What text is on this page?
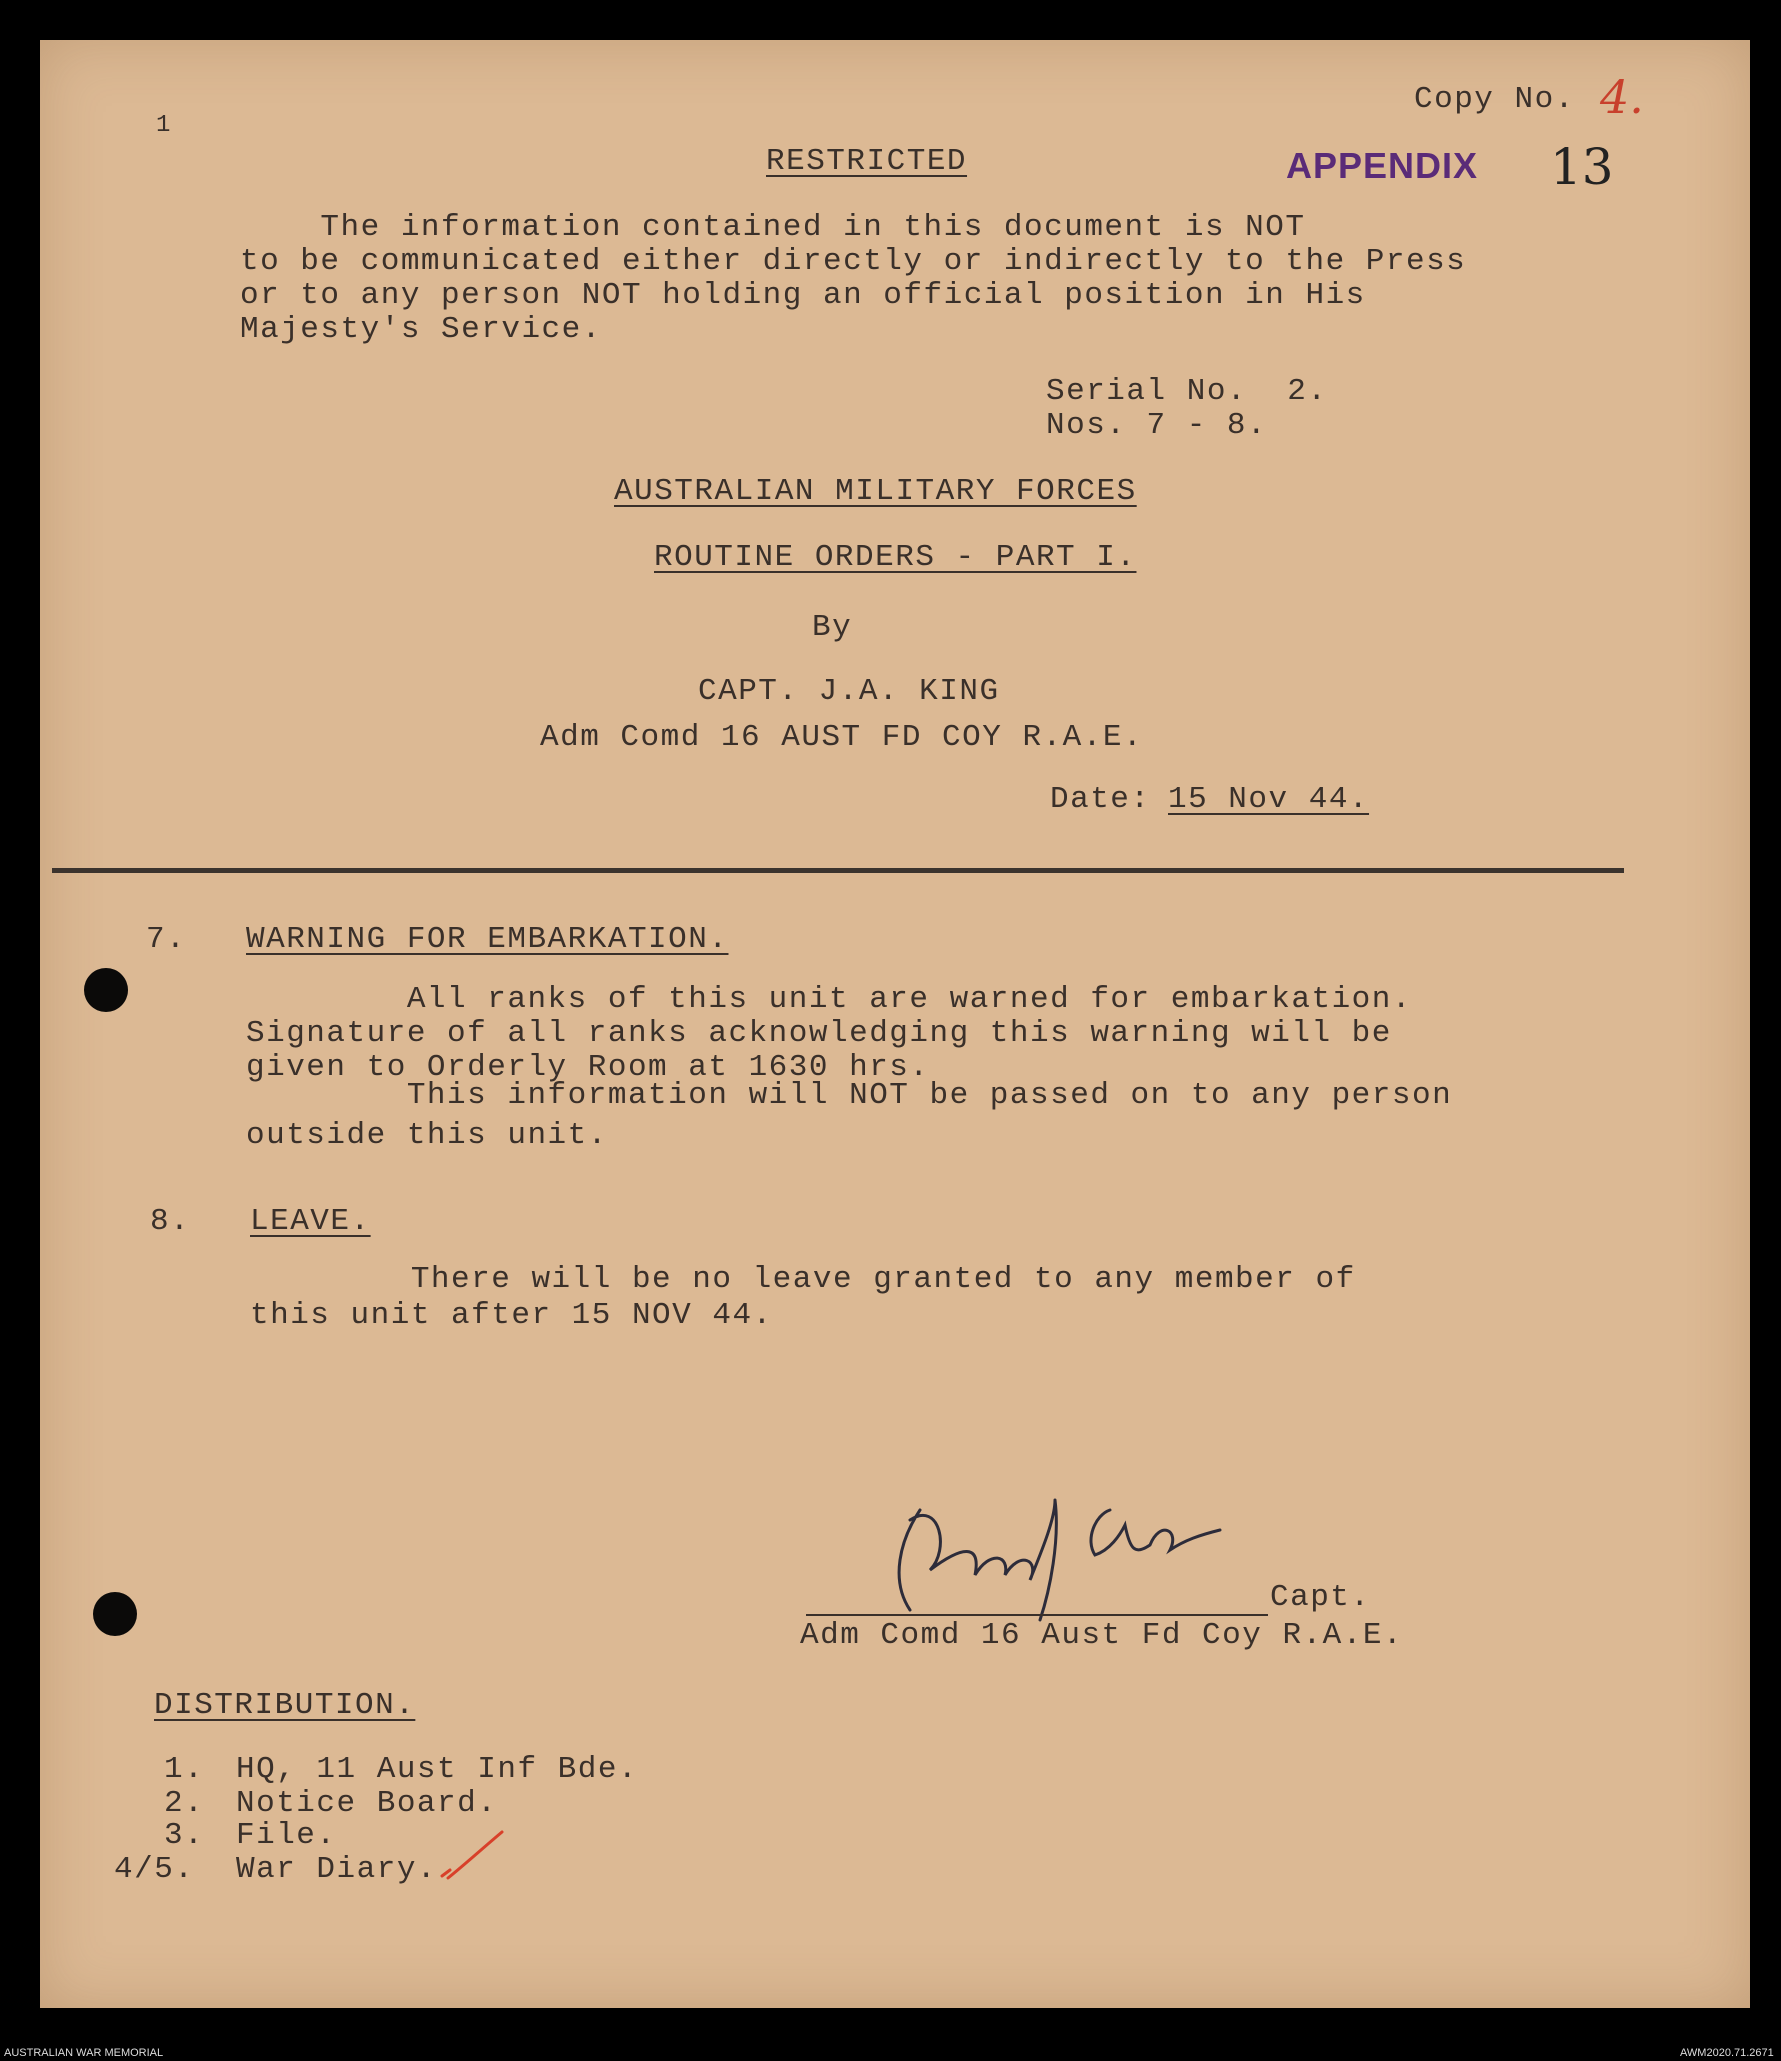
Copy No. 4.
1
RESTRICTED	APPENDIX 13
The information contained in this document is NOT
to be communicated either directly or indirectly to the Press
or to any person NOT holding an official position in His
Majesty's Service.
Serial No.  2.
Nos. 7 - 8.
AUSTRALIAN MILITARY FORCES
ROUTINE ORDERS - PART I.
By
CAPT. J.A. KING
Adm Comd 16 AUST FD COY R.A.E.
Date: 15 Nov 44.
7. WARNING FOR EMBARKATION.
All ranks of this unit are warned for embarkation.
Signature of all ranks acknowledging this warning will be
given to Orderly Room at 1630 hrs.
This information will NOT be passed on to any person
outside this unit.
8. LEAVE.
There will be no leave granted to any member of
this unit after 15 NOV 44.
Capt.
Adm Comd 16 Aust Fd Coy R.A.E.
DISTRIBUTION.
1. HQ, 11 Aust Inf Bde.
2. Notice Board.
3. File.
4/5. War Diary.
AUSTRALIAN WAR MEMORIAL	AWM2020.71.2671
